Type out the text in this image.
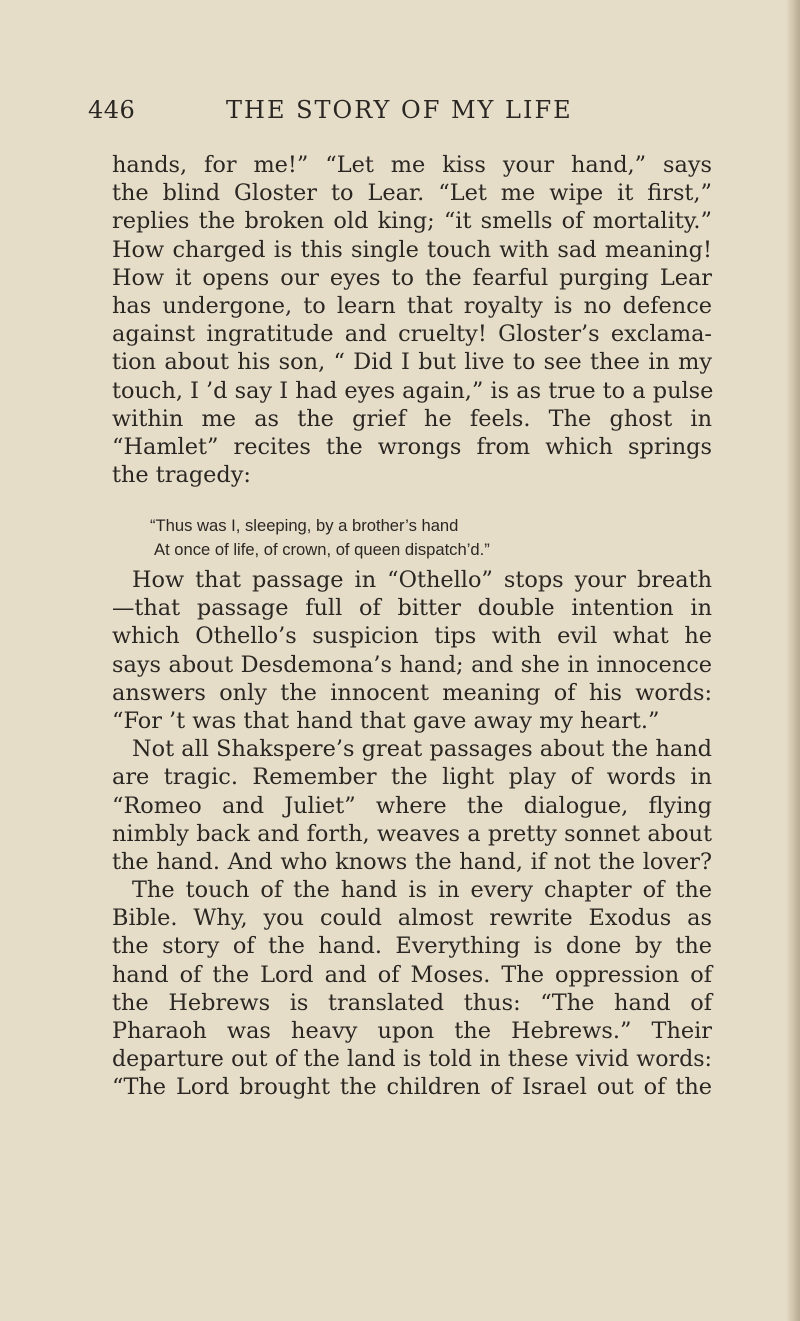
446	THE STORY OF MY LIFE
hands, for me!” “Let me kiss your hand,” says
the blind Gloster to Lear. “Let me wipe it first,”
replies the broken old king; “it smells of mortality.”
How charged is this single touch with sad meaning!
How it opens our eyes to the fearful purging Lear
has undergone, to learn that royalty is no defence
against ingratitude and cruelty! Gloster’s exclama-
tion about his son, “ Did I but live to see thee in my
touch, I ’d say I had eyes again,” is as true to a pulse
within me as the grief he feels. The ghost in
“Hamlet” recites the wrongs from which springs
the tragedy:
“Thus was I, sleeping, by a brother’s hand
At once of life, of crown, of queen dispatch’d.”
How that passage in “Othello” stops your breath
—that passage full of bitter double intention in
which Othello’s suspicion tips with evil what he
says about Desdemona’s hand; and she in innocence
answers only the innocent meaning of his words:
“For ’t was that hand that gave away my heart.”
Not all Shakspere’s great passages about the hand
are tragic. Remember the light play of words in
“Romeo and Juliet” where the dialogue, flying
nimbly back and forth, weaves a pretty sonnet about
the hand. And who knows the hand, if not the lover?
The touch of the hand is in every chapter of the
Bible. Why, you could almost rewrite Exodus as
the story of the hand. Everything is done by the
hand of the Lord and of Moses. The oppression of
the Hebrews is translated thus: “The hand of
Pharaoh was heavy upon the Hebrews.” Their
departure out of the land is told in these vivid words:
“The Lord brought the children of Israel out of the
